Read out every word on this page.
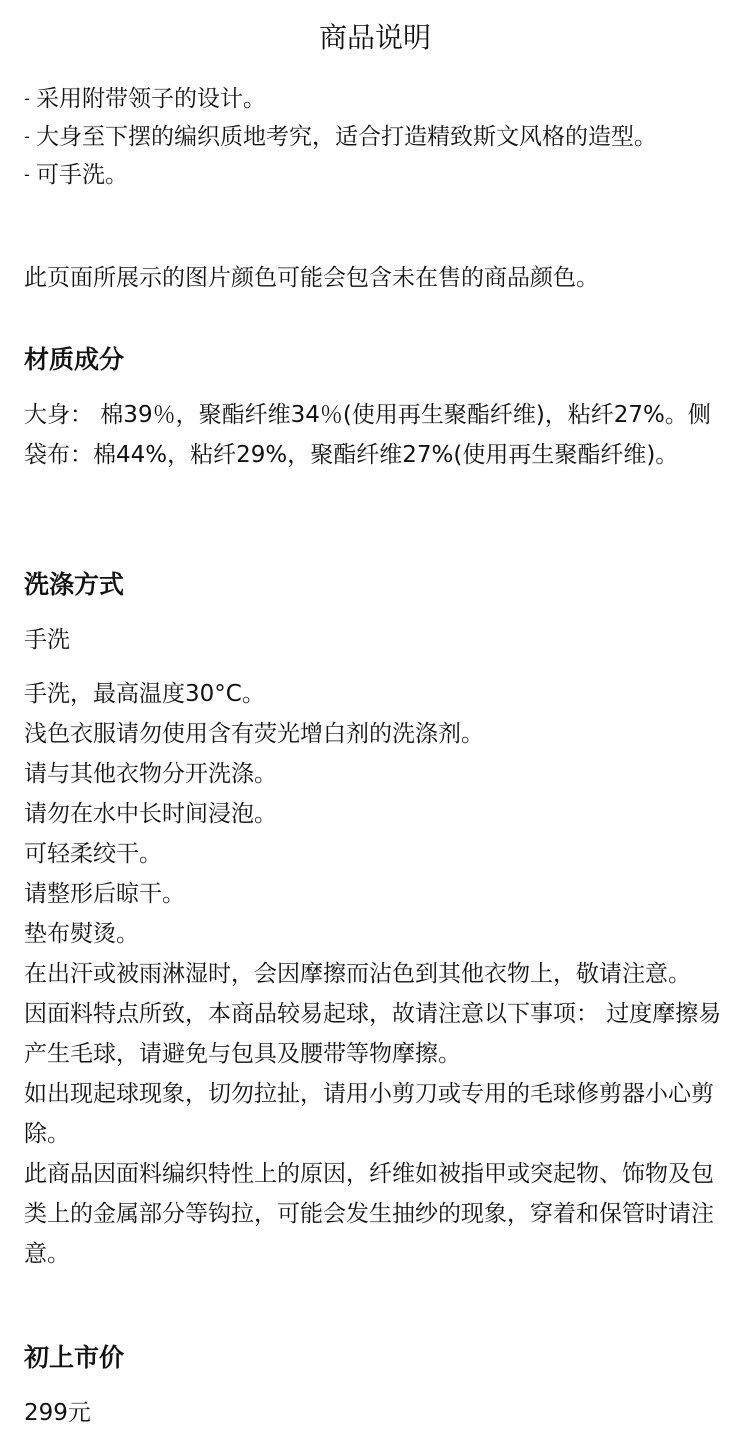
商品说明
- 采用附带领子的设计。
- 大身至下摆的编织质地考究，适合打造精致斯文风格的造型。
- 可手洗。
此页面所展示的图片颜色可能会包含未在售的商品颜色。
材质成分
大身： 棉39％，聚酯纤维34％(使用再生聚酯纤维)，粘纤27%。侧袋布：棉44%，粘纤29%，聚酯纤维27%(使用再生聚酯纤维)。
洗涤方式
手洗
手洗，最高温度30°C。
浅色衣服请勿使用含有荧光增白剂的洗涤剂。
请与其他衣物分开洗涤。
请勿在水中长时间浸泡。
可轻柔绞干。
请整形后晾干。
垫布熨烫。
在出汗或被雨淋湿时，会因摩擦而沾色到其他衣物上，敬请注意。
因面料特点所致，本商品较易起球，故请注意以下事项： 过度摩擦易产生毛球，请避免与包具及腰带等物摩擦。
如出现起球现象，切勿拉扯，请用小剪刀或专用的毛球修剪器小心剪除。
此商品因面料编织特性上的原因，纤维如被指甲或突起物、饰物及包类上的金属部分等钩拉，可能会发生抽纱的现象，穿着和保管时请注意。
初上市价
299元
